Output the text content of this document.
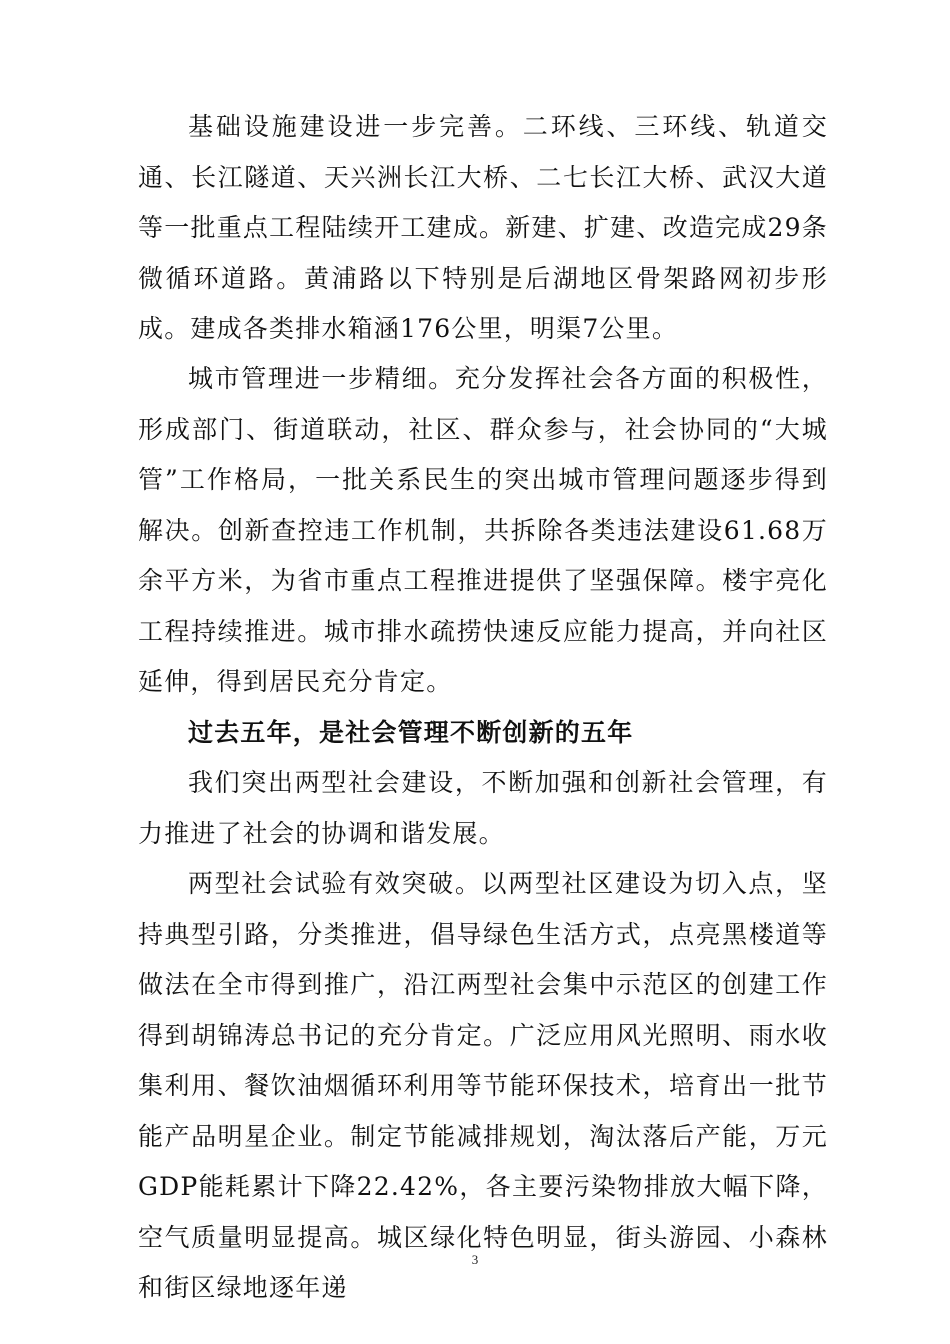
基础设施建设进一步完善。二环线、三环线、轨道交通、长江隧道、天兴洲长江大桥、二七长江大桥、武汉大道等一批重点工程陆续开工建成。新建、扩建、改造完成29条微循环道路。黄浦路以下特别是后湖地区骨架路网初步形成。建成各类排水箱涵176公里，明渠7公里。

城市管理进一步精细。充分发挥社会各方面的积极性，形成部门、街道联动，社区、群众参与，社会协同的“大城管”工作格局，一批关系民生的突出城市管理问题逐步得到解决。创新查控违工作机制，共拆除各类违法建设61.68万余平方米，为省市重点工程推进提供了坚强保障。楼宇亮化工程持续推进。城市排水疏捞快速反应能力提高，并向社区延伸，得到居民充分肯定。

过去五年，是社会管理不断创新的五年

我们突出两型社会建设，不断加强和创新社会管理，有力推进了社会的协调和谐发展。

两型社会试验有效突破。以两型社区建设为切入点，坚持典型引路，分类推进，倡导绿色生活方式，点亮黑楼道等做法在全市得到推广，沿江两型社会集中示范区的创建工作得到胡锦涛总书记的充分肯定。广泛应用风光照明、雨水收集利用、餐饮油烟循环利用等节能环保技术，培育出一批节能产品明星企业。制定节能减排规划，淘汰落后产能，万元GDP能耗累计下降22.42%，各主要污染物排放大幅下降，空气质量明显提高。城区绿化特色明显，街头游园、小森林和街区绿地逐年递

3
